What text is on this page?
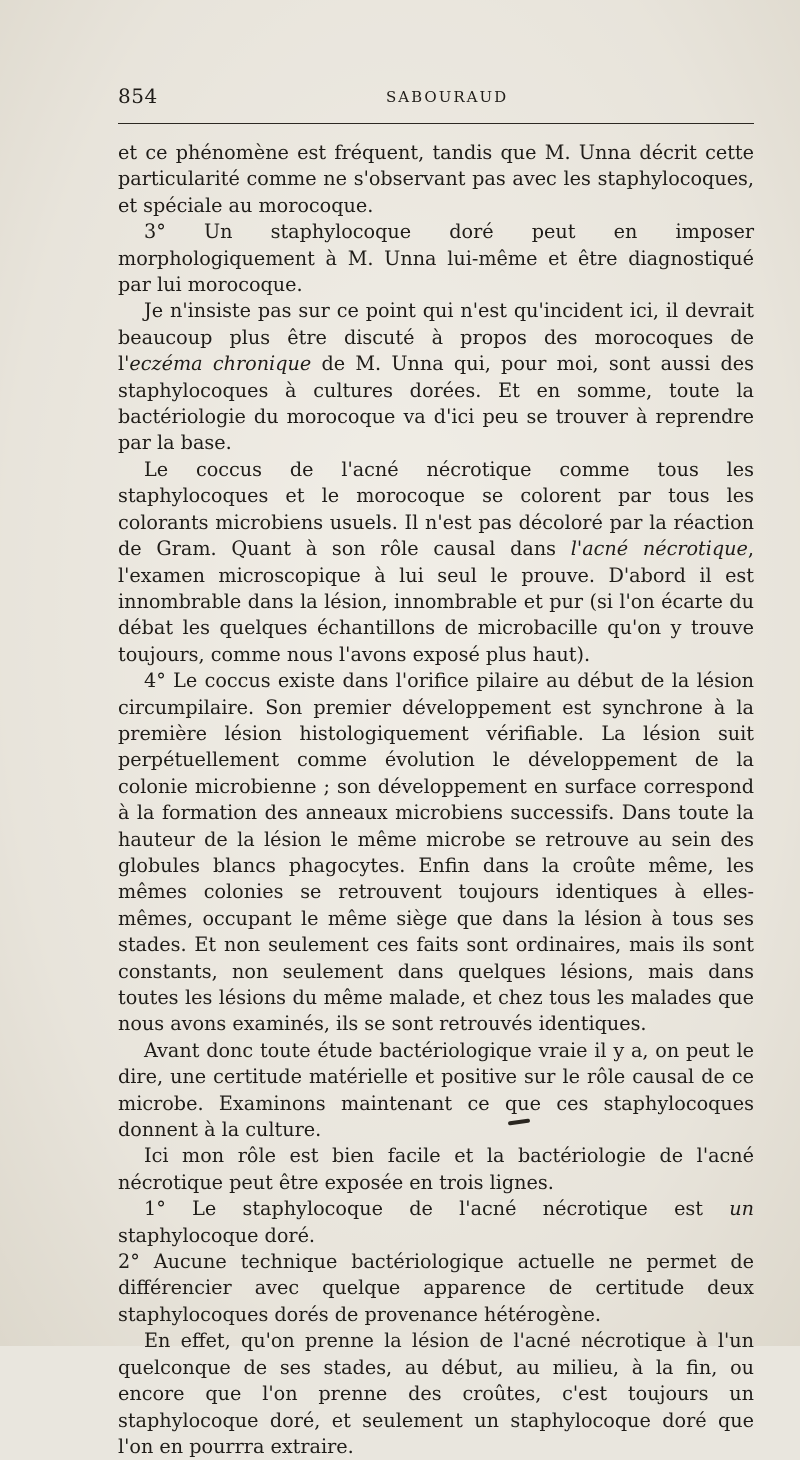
854	SABOURAUD

et ce phénomène est fréquent, tandis que M. Unna décrit cette particularité comme ne s'observant pas avec les staphylocoques, et spéciale au morocoque.

3° Un staphylocoque doré peut en imposer morphologiquement à M. Unna lui-même et être diagnostiqué par lui morocoque.

Je n'insiste pas sur ce point qui n'est qu'incident ici, il devrait beaucoup plus être discuté à propos des morocoques de l'eczéma chronique de M. Unna qui, pour moi, sont aussi des staphylocoques à cultures dorées. Et en somme, toute la bactériologie du morocoque va d'ici peu se trouver à reprendre par la base.

Le coccus de l'acné nécrotique comme tous les staphylocoques et le morocoque se colorent par tous les colorants microbiens usuels. Il n'est pas décoloré par la réaction de Gram. Quant à son rôle causal dans l'acné nécrotique, l'examen microscopique à lui seul le prouve. D'abord il est innombrable dans la lésion, innombrable et pur (si l'on écarte du débat les quelques échantillons de microbacille qu'on y trouve toujours, comme nous l'avons exposé plus haut).

4° Le coccus existe dans l'orifice pilaire au début de la lésion circumpilaire. Son premier développement est synchrone à la première lésion histologiquement vérifiable. La lésion suit perpétuellement comme évolution le développement de la colonie microbienne ; son développement en surface correspond à la formation des anneaux microbiens successifs. Dans toute la hauteur de la lésion le même microbe se retrouve au sein des globules blancs phagocytes. Enfin dans la croûte même, les mêmes colonies se retrouvent toujours identiques à elles-mêmes, occupant le même siège que dans la lésion à tous ses stades. Et non seulement ces faits sont ordinaires, mais ils sont constants, non seulement dans quelques lésions, mais dans toutes les lésions du même malade, et chez tous les malades que nous avons examinés, ils se sont retrouvés identiques.

Avant donc toute étude bactériologique vraie il y a, on peut le dire, une certitude matérielle et positive sur le rôle causal de ce microbe. Examinons maintenant ce que ces staphylocoques donnent à la culture.

Ici mon rôle est bien facile et la bactériologie de l'acné nécrotique peut être exposée en trois lignes.

1° Le staphylocoque de l'acné nécrotique est un staphylocoque doré.

2° Aucune technique bactériologique actuelle ne permet de différencier avec quelque apparence de certitude deux staphylocoques dorés de provenance hétérogène.

En effet, qu'on prenne la lésion de l'acné nécrotique à l'un quelconque de ses stades, au début, au milieu, à la fin, ou encore que l'on prenne des croûtes, c'est toujours un staphylocoque doré, et seulement un staphylocoque doré que l'on en pourrra extraire.
